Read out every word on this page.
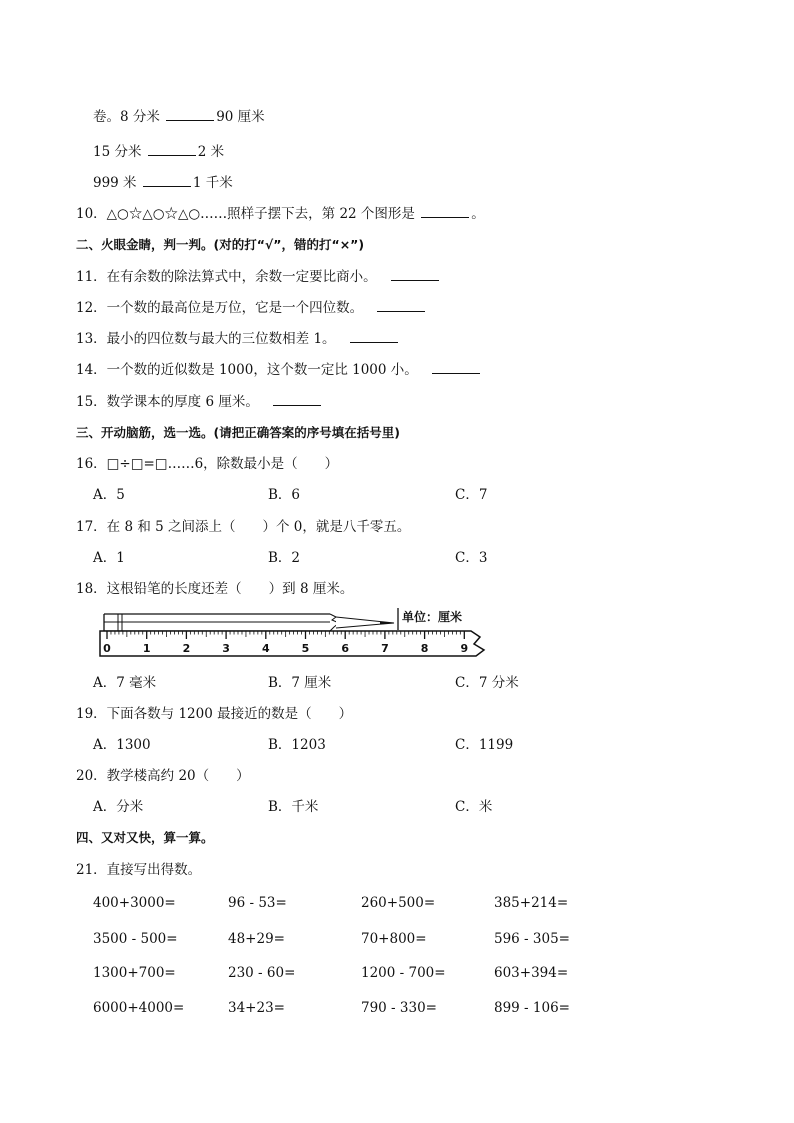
卷。8 分米	90 厘米
15 分米	2 米
999 米	1 千米
10．△○☆△○☆△○……照样子摆下去，第 22 个图形是	。
二、火眼金睛，判一判。(对的打“√”，错的打“×”)
11．在有余数的除法算式中，余数一定要比商小。
12．一个数的最高位是万位，它是一个四位数。
13．最小的四位数与最大的三位数相差 1。
14．一个数的近似数是 1000，这个数一定比 1000 小。
15．数学课本的厚度 6 厘米。
三、开动脑筋，选一选。(请把正确答案的序号填在括号里)
16．□÷□=□……6，除数最小是（　　）
A．5	B．6	C．7
17．在 8 和 5 之间添上（　　）个 0，就是八千零五。
A．1	B．2	C．3
18．这根铅笔的长度还差（　　）到 8 厘米。
单位：厘米
0	1	2	3	4	5	6	7	8	9
A．7 毫米	B．7 厘米	C．7 分米
19．下面各数与 1200 最接近的数是（　　）
A．1300	B．1203	C．1199
20．教学楼高约 20（　　）
A．分米	B．千米	C．米
四、又对又快，算一算。
21．直接写出得数。
400+3000=	96 - 53=	260+500=	385+214=
3500 - 500=	48+29=	70+800=	596 - 305=
1300+700=	230 - 60=	1200 - 700=	603+394=
6000+4000=	34+23=	790 - 330=	899 - 106=
